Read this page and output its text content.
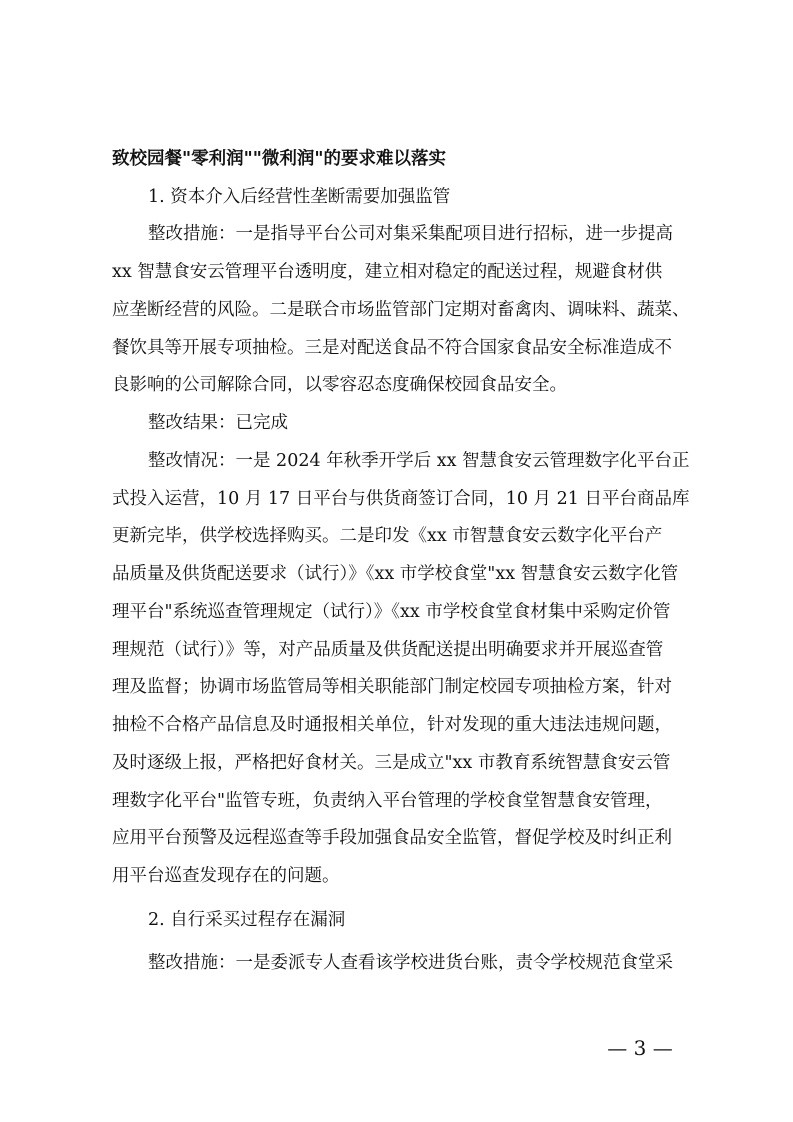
致校园餐"零利润""微利润"的要求难以落实
1. 资本介入后经营性垄断需要加强监管
整改措施：一是指导平台公司对集采集配项目进行招标，进一步提高
xx 智慧食安云管理平台透明度，建立相对稳定的配送过程，规避食材供
应垄断经营的风险。二是联合市场监管部门定期对畜禽肉、调味料、蔬菜、
餐饮具等开展专项抽检。三是对配送食品不符合国家食品安全标准造成不
良影响的公司解除合同，以零容忍态度确保校园食品安全。
整改结果：已完成
整改情况：一是 2024 年秋季开学后 xx 智慧食安云管理数字化平台正
式投入运营，10 月 17 日平台与供货商签订合同，10 月 21 日平台商品库
更新完毕，供学校选择购买。二是印发《xx 市智慧食安云数字化平台产
品质量及供货配送要求（试行）》《xx 市学校食堂"xx 智慧食安云数字化管
理平台"系统巡查管理规定（试行）》《xx 市学校食堂食材集中采购定价管
理规范（试行）》等，对产品质量及供货配送提出明确要求并开展巡查管
理及监督；协调市场监管局等相关职能部门制定校园专项抽检方案，针对
抽检不合格产品信息及时通报相关单位，针对发现的重大违法违规问题，
及时逐级上报，严格把好食材关。三是成立"xx 市教育系统智慧食安云管
理数字化平台"监管专班，负责纳入平台管理的学校食堂智慧食安管理，
应用平台预警及远程巡查等手段加强食品安全监管，督促学校及时纠正利
用平台巡查发现存在的问题。
2. 自行采买过程存在漏洞
整改措施：一是委派专人查看该学校进货台账，责令学校规范食堂采
— 3 —
